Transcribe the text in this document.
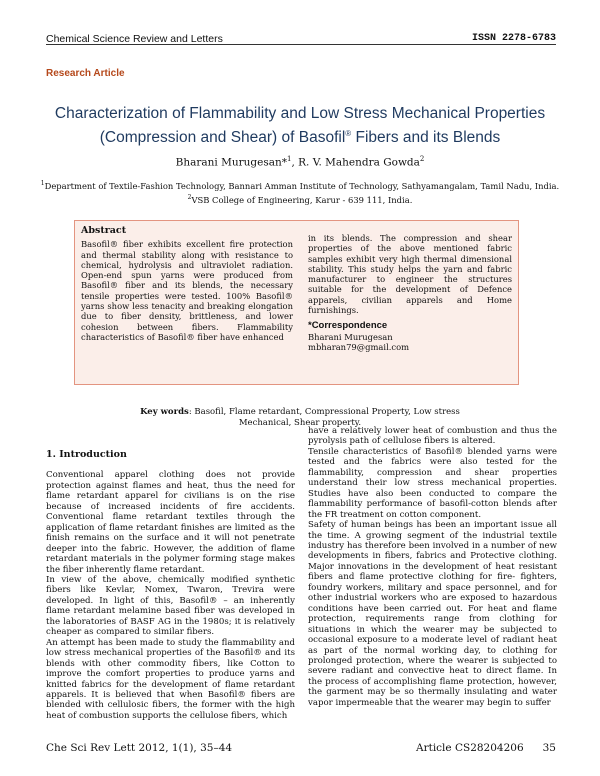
Chemical Science Review and Letters	ISSN 2278-6783
Research Article
Characterization of Flammability and Low Stress Mechanical Properties
(Compression and Shear) of Basofil® Fibers and its Blends
Bharani Murugesan*$^1$, R. V. Mahendra Gowda$^2$
$^1$Department of Textile-Fashion Technology, Bannari Amman Institute of Technology, Sathyamangalam, Tamil Nadu, India.
$^2$VSB College of Engineering, Karur - 639 111, India.
Abstract
Basofil® fiber exhibits excellent fire protection and thermal stability along with resistance to chemical, hydrolysis and ultraviolet radiation. Open-end spun yarns were produced from Basofil® fiber and its blends, the necessary tensile properties were tested. 100% Basofil® yarns show less tenacity and breaking elongation due to fiber density, brittleness, and lower cohesion between fibers. Flammability characteristics of Basofil® fiber have enhanced
in its blends. The compression and shear properties of the above mentioned fabric samples exhibit very high thermal dimensional stability. This study helps the yarn and fabric manufacturer to engineer the structures suitable for the development of Defence apparels, civilian apparels and Home furnishings.
*Correspondence
Bharani Murugesan
mbharan79@gmail.com
Key words: Basofil, Flame retardant, Compressional Property, Low stress Mechanical, Shear property.
1. Introduction

Conventional apparel clothing does not provide protection against flames and heat, thus the need for flame retardant apparel for civilians is on the rise because of increased incidents of fire accidents. Conventional flame retardant textiles through the application of flame retardant finishes are limited as the finish remains on the surface and it will not penetrate deeper into the fabric. However, the addition of flame retardant materials in the polymer forming stage makes the fiber inherently flame retardant.

In view of the above, chemically modified synthetic fibers like Kevlar, Nomex, Twaron, Trevira were developed. In light of this, Basofil® – an inherently flame retardant melamine based fiber was developed in the laboratories of BASF AG in the 1980s; it is relatively cheaper as compared to similar fibers.

An attempt has been made to study the flammability and low stress mechanical properties of the Basofil® and its blends with other commodity fibers, like Cotton to improve the comfort properties to produce yarns and knitted fabrics for the development of flame retardant apparels. It is believed that when Basofil® fibers are blended with cellulosic fibers, the former with the high heat of combustion supports the cellulose fibers, which

have a relatively lower heat of combustion and thus the pyrolysis path of cellulose fibers is altered.

Tensile characteristics of Basofil® blended yarns were tested and the fabrics were also tested for the flammability, compression and shear properties understand their low stress mechanical properties. Studies have also been conducted to compare the flammability performance of basofil-cotton blends after the FR treatment on cotton component.

Safety of human beings has been an important issue all the time. A growing segment of the industrial textile industry has therefore been involved in a number of new developments in fibers, fabrics and Protective clothing. Major innovations in the development of heat resistant fibers and flame protective clothing for fire- fighters, foundry workers, military and space personnel, and for other industrial workers who are exposed to hazardous conditions have been carried out. For heat and flame protection, requirements range from clothing for situations in which the wearer may be subjected to occasional exposure to a moderate level of radiant heat as part of the normal working day, to clothing for prolonged protection, where the wearer is subjected to severe radiant and convective heat to direct flame. In the process of accomplishing flame protection, however, the garment may be so thermally insulating and water vapor impermeable that the wearer may begin to suffer

Che Sci Rev Lett 2012, 1(1), 35–44	Article CS28204206 35
